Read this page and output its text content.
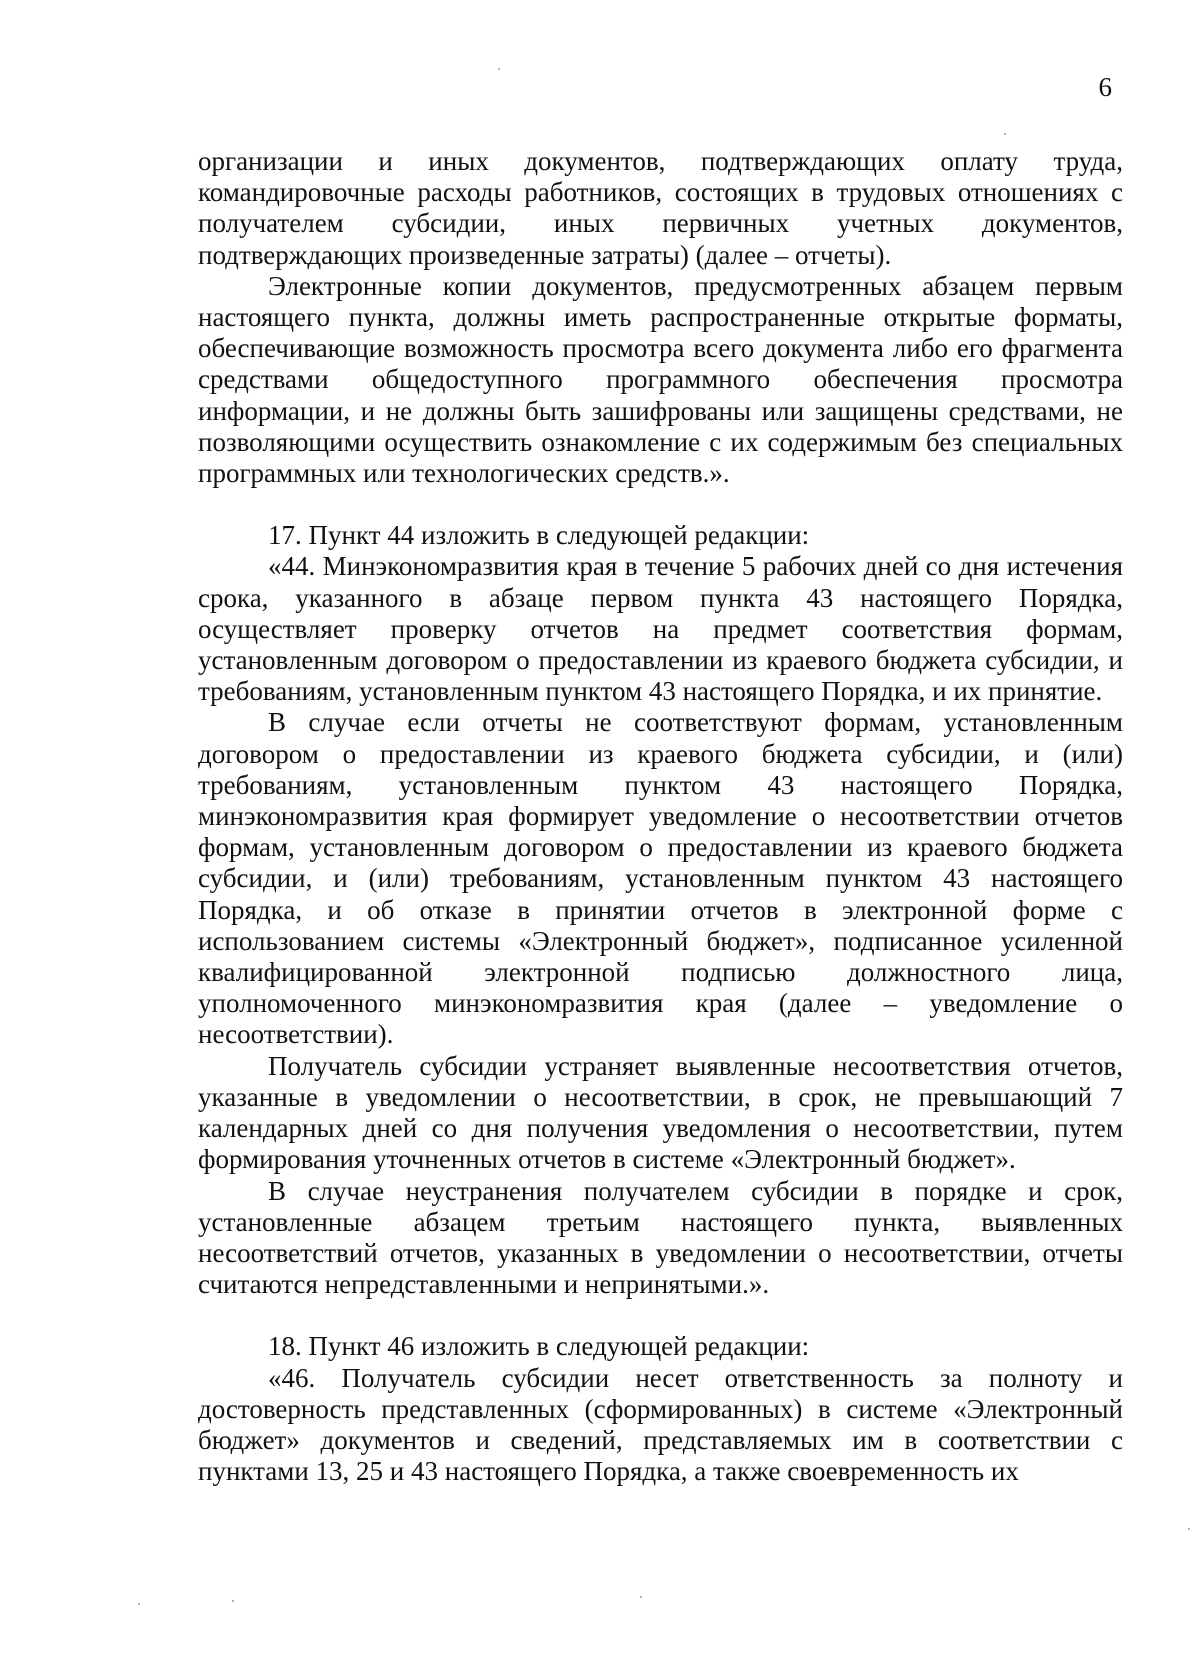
6

организации и иных документов, подтверждающих оплату труда, командировочные расходы работников, состоящих в трудовых отношениях с получателем субсидии, иных первичных учетных документов, подтверждающих произведенные затраты) (далее – отчеты).

Электронные копии документов, предусмотренных абзацем первым настоящего пункта, должны иметь распространенные открытые форматы, обеспечивающие возможность просмотра всего документа либо его фрагмента средствами общедоступного программного обеспечения просмотра информации, и не должны быть зашифрованы или защищены средствами, не позволяющими осуществить ознакомление с их содержимым без специальных программных или технологических средств.».

17. Пункт 44 изложить в следующей редакции:

«44. Минэкономразвития края в течение 5 рабочих дней со дня истечения срока, указанного в абзаце первом пункта 43 настоящего Порядка, осуществляет проверку отчетов на предмет соответствия формам, установленным договором о предоставлении из краевого бюджета субсидии, и требованиям, установленным пунктом 43 настоящего Порядка, и их принятие.

В случае если отчеты не соответствуют формам, установленным договором о предоставлении из краевого бюджета субсидии, и (или) требованиям, установленным пунктом 43 настоящего Порядка, минэкономразвития края формирует уведомление о несоответствии отчетов формам, установленным договором о предоставлении из краевого бюджета субсидии, и (или) требованиям, установленным пунктом 43 настоящего Порядка, и об отказе в принятии отчетов в электронной форме с использованием системы «Электронный бюджет», подписанное усиленной квалифицированной электронной подписью должностного лица, уполномоченного минэкономразвития края (далее – уведомление о несоответствии).

Получатель субсидии устраняет выявленные несоответствия отчетов, указанные в уведомлении о несоответствии, в срок, не превышающий 7 календарных дней со дня получения уведомления о несоответствии, путем формирования уточненных отчетов в системе «Электронный бюджет».

В случае неустранения получателем субсидии в порядке и срок, установленные абзацем третьим настоящего пункта, выявленных несоответствий отчетов, указанных в уведомлении о несоответствии, отчеты считаются непредставленными и непринятыми.».

18. Пункт 46 изложить в следующей редакции:

«46. Получатель субсидии несет ответственность за полноту и достоверность представленных (сформированных) в системе «Электронный бюджет» документов и сведений, представляемых им в соответствии с пунктами 13, 25 и 43 настоящего Порядка, а также своевременность их
